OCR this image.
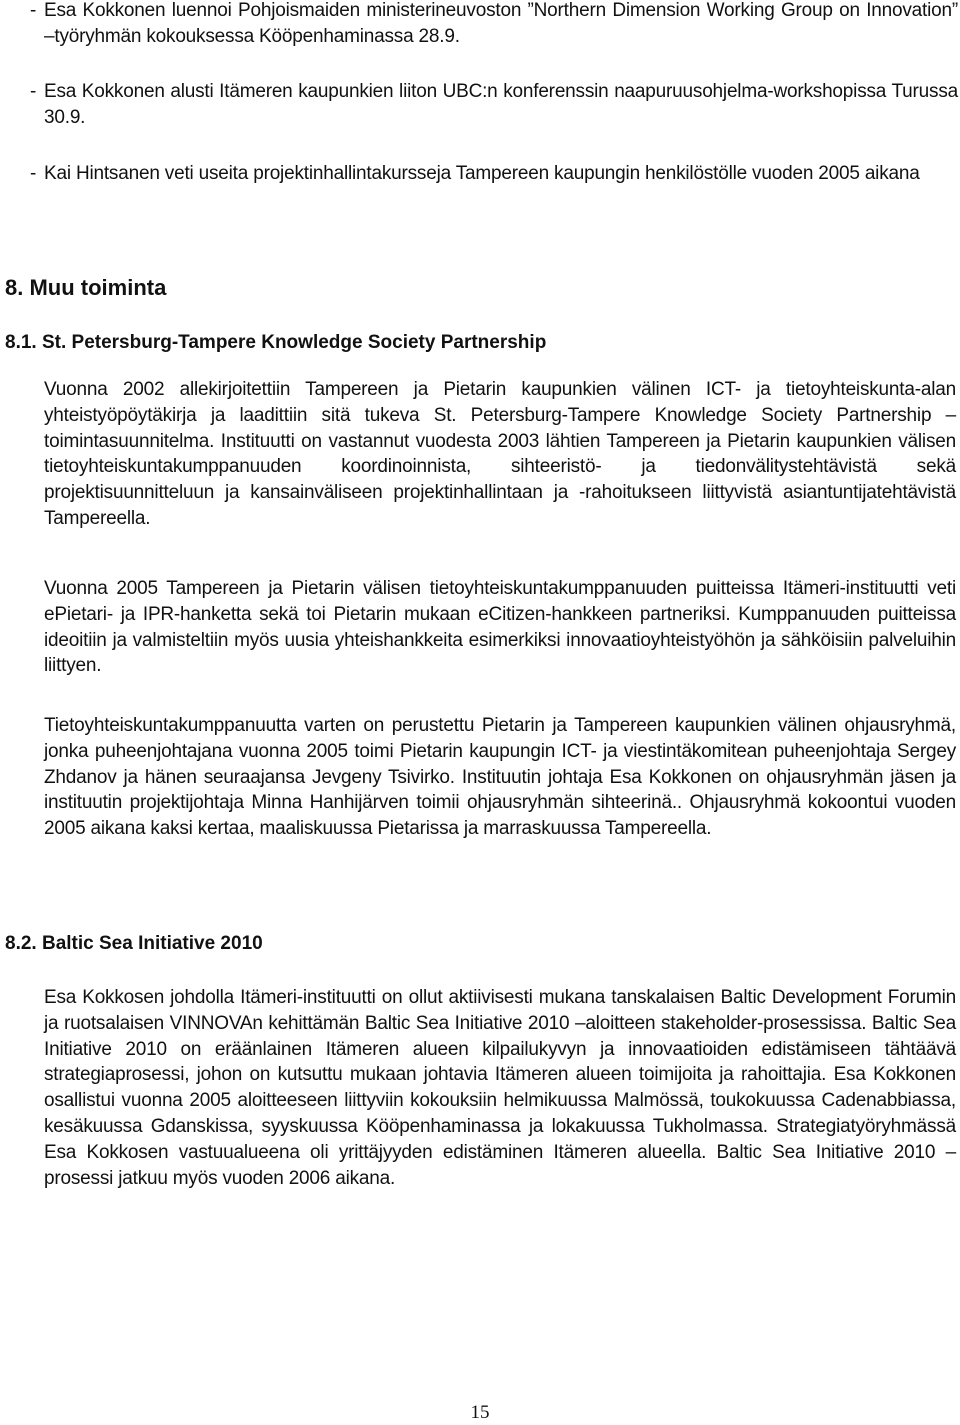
- Esa Kokkonen luennoi Pohjoismaiden ministerineuvoston ”Northern Dimension Working Group on Innovation” –työryhmän kokouksessa Kööpenhaminassa 28.9.
- Esa Kokkonen alusti Itämeren kaupunkien liiton UBC:n konferenssin naapuruusohjelma-workshopissa Turussa 30.9.
- Kai Hintsanen veti useita projektinhallintakursseja Tampereen kaupungin henkilöstölle vuoden 2005 aikana
8. Muu toiminta
8.1. St. Petersburg-Tampere Knowledge Society Partnership
Vuonna 2002 allekirjoitettiin Tampereen ja Pietarin kaupunkien välinen ICT- ja tietoyhteiskunta-alan yhteistyöpöytäkirja ja laadittiin sitä tukeva St. Petersburg-Tampere Knowledge Society Partnership – toimintasuunnitelma. Instituutti on vastannut vuodesta 2003 lähtien Tampereen ja Pietarin kaupunkien välisen tietoyhteiskuntakumppanuuden koordinoinnista, sihteeristö- ja tiedonvälitystehtävistä sekä projektisuunnitteluun ja kansainväliseen projektinhallintaan ja -rahoitukseen liittyvistä asiantuntijatehtävistä Tampereella.
Vuonna 2005 Tampereen ja Pietarin välisen tietoyhteiskuntakumppanuuden puitteissa Itämeri-instituutti veti ePietari- ja IPR-hanketta sekä toi Pietarin mukaan eCitizen-hankkeen partneriksi. Kumppanuuden puitteissa ideoitiin ja valmisteltiin myös uusia yhteishankkeita esimerkiksi innovaatioyhteistyöhön ja sähköisiin palveluihin liittyen.
Tietoyhteiskuntakumppanuutta varten on perustettu Pietarin ja Tampereen kaupunkien välinen ohjausryhmä, jonka puheenjohtajana vuonna 2005 toimi Pietarin kaupungin ICT- ja viestintäkomitean puheenjohtaja Sergey Zhdanov ja hänen seuraajansa Jevgeny Tsivirko. Instituutin johtaja Esa Kokkonen on ohjausryhmän jäsen ja instituutin projektijohtaja Minna Hanhijärven toimii ohjausryhmän sihteerinä.. Ohjausryhmä kokoontui vuoden 2005 aikana kaksi kertaa, maaliskuussa Pietarissa ja marraskuussa Tampereella.
8.2. Baltic Sea Initiative 2010
Esa Kokkosen johdolla Itämeri-instituutti on ollut aktiivisesti mukana tanskalaisen Baltic Development Forumin ja ruotsalaisen VINNOVAn kehittämän Baltic Sea Initiative 2010 –aloitteen stakeholder-prosessissa. Baltic Sea Initiative 2010 on eräänlainen Itämeren alueen kilpailukyvyn ja innovaatioiden edistämiseen tähtäävä strategiaprosessi, johon on kutsuttu mukaan johtavia Itämeren alueen toimijoita ja rahoittajia. Esa Kokkonen osallistui vuonna 2005 aloitteeseen liittyviin kokouksiin helmikuussa Malmössä, toukokuussa Cadenabbiassa, kesäkuussa Gdanskissa, syyskuussa Kööpenhaminassa ja lokakuussa Tukholmassa. Strategiatyöryhmässä Esa Kokkosen vastuualueena oli yrittäjyyden edistäminen Itämeren alueella. Baltic Sea Initiative 2010 –prosessi jatkuu myös vuoden 2006 aikana.
15
